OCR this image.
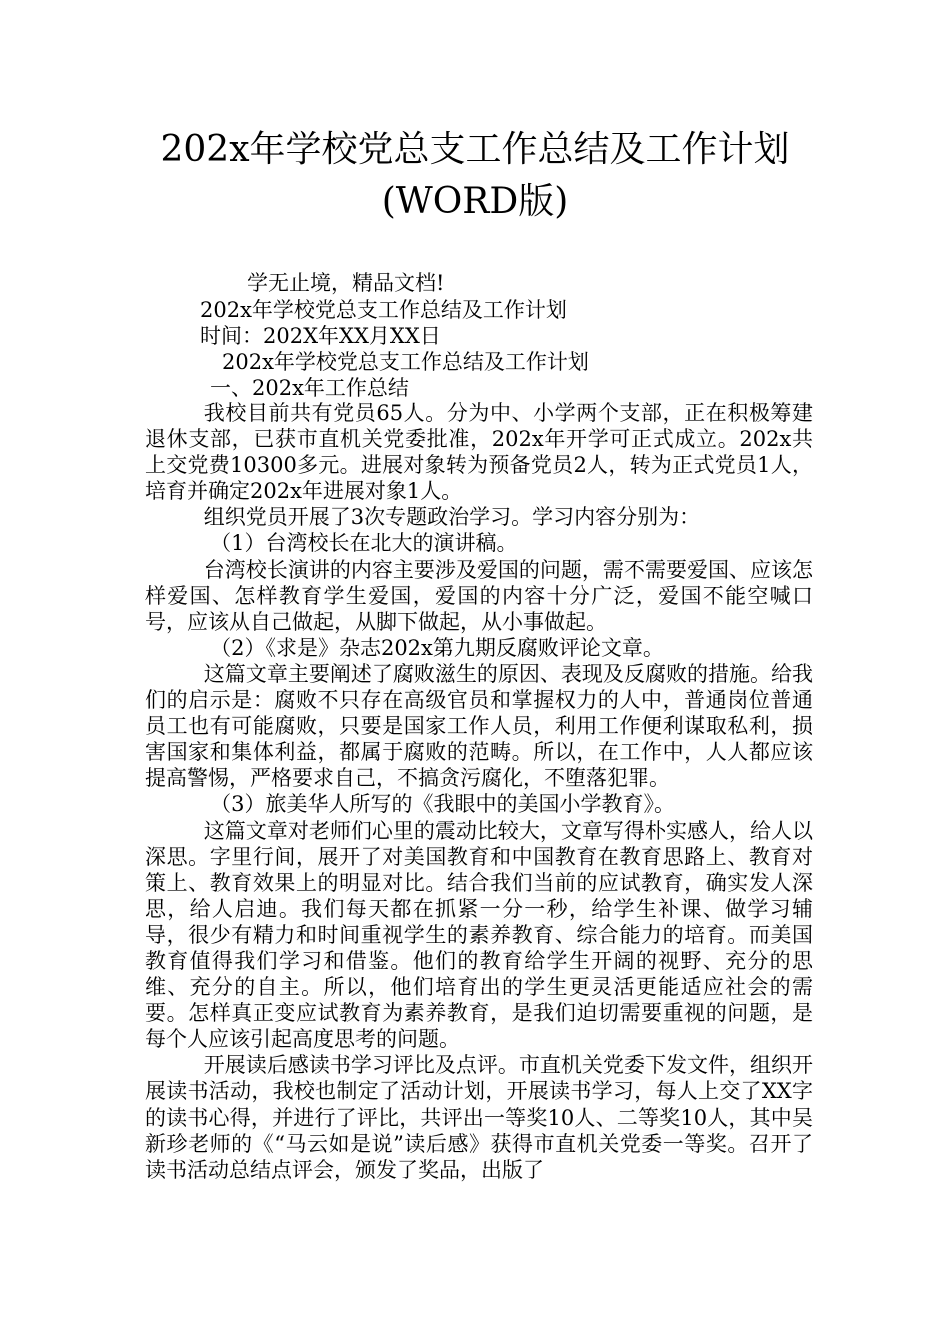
202x年学校党总支工作总结及工作计划
(WORD版)
学无止境，精品文档!
202x年学校党总支工作总结及工作计划
时间：202X年XX月XX日
202x年学校党总支工作总结及工作计划
一、202x年工作总结

我校目前共有党员65人。分为中、小学两个支部，正在积极筹建退休支部，已获市直机关党委批准，202x年开学可正式成立。202x共上交党费10300多元。进展对象转为预备党员2人，转为正式党员1人，培育并确定202x年进展对象1人。

组织党员开展了3次专题政治学习。学习内容分别为：

（1）台湾校长在北大的演讲稿。

台湾校长演讲的内容主要涉及爱国的问题，需不需要爱国、应该怎样爱国、怎样教育学生爱国，爱国的内容十分广泛，爱国不能空喊口号，应该从自己做起，从脚下做起，从小事做起。

（2）《求是》杂志202x第九期反腐败评论文章。

这篇文章主要阐述了腐败滋生的原因、表现及反腐败的措施。给我们的启示是：腐败不只存在高级官员和掌握权力的人中，普通岗位普通员工也有可能腐败，只要是国家工作人员，利用工作便利谋取私利，损害国家和集体利益，都属于腐败的范畴。所以，在工作中，人人都应该提高警惕，严格要求自己，不搞贪污腐化，不堕落犯罪。

（3）旅美华人所写的《我眼中的美国小学教育》。

这篇文章对老师们心里的震动比较大，文章写得朴实感人，给人以深思。字里行间，展开了对美国教育和中国教育在教育思路上、教育对策上、教育效果上的明显对比。结合我们当前的应试教育，确实发人深思，给人启迪。我们每天都在抓紧一分一秒，给学生补课、做学习辅导，很少有精力和时间重视学生的素养教育、综合能力的培育。而美国教育值得我们学习和借鉴。他们的教育给学生开阔的视野、充分的思维、充分的自主。所以，他们培育出的学生更灵活更能适应社会的需要。怎样真正变应试教育为素养教育，是我们迫切需要重视的问题，是每个人应该引起高度思考的问题。

开展读后感读书学习评比及点评。市直机关党委下发文件，组织开展读书活动，我校也制定了活动计划，开展读书学习，每人上交了XX字的读书心得，并进行了评比，共评出一等奖10人、二等奖10人，其中吴新珍老师的《“马云如是说”读后感》获得市直机关党委一等奖。召开了读书活动总结点评会，颁发了奖品，出版了
